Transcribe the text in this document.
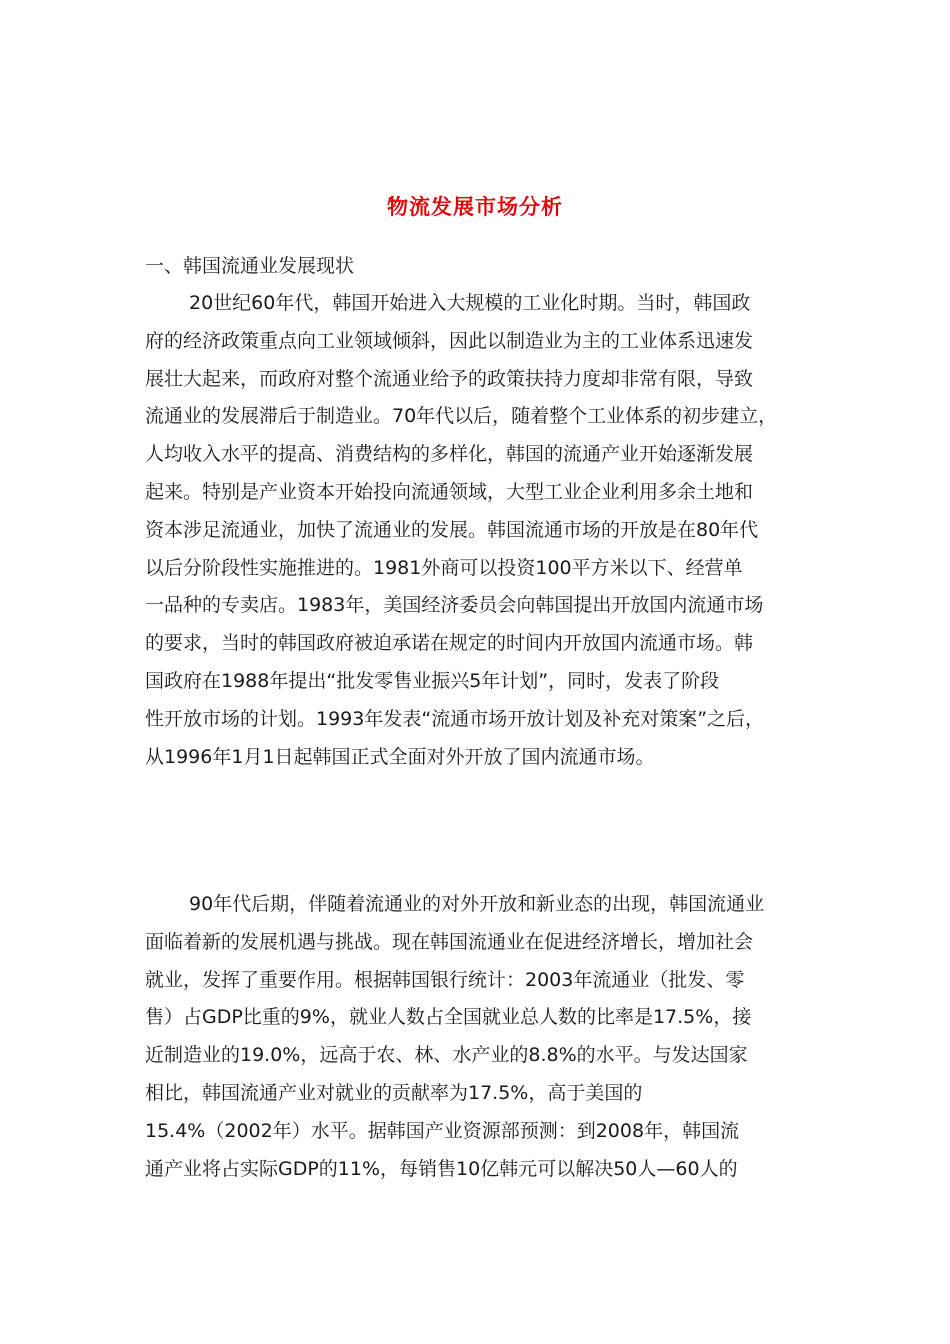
物流发展市场分析

一、韩国流通业发展现状

20世纪60年代，韩国开始进入大规模的工业化时期。当时，韩国政
府的经济政策重点向工业领域倾斜，因此以制造业为主的工业体系迅速发
展壮大起来，而政府对整个流通业给予的政策扶持力度却非常有限，导致
流通业的发展滞后于制造业。70年代以后，随着整个工业体系的初步建立，
人均收入水平的提高、消费结构的多样化，韩国的流通产业开始逐渐发展
起来。特别是产业资本开始投向流通领域，大型工业企业利用多余土地和
资本涉足流通业，加快了流通业的发展。韩国流通市场的开放是在80年代
以后分阶段性实施推进的。1981外商可以投资100平方米以下、经营单
一品种的专卖店。1983年，美国经济委员会向韩国提出开放国内流通市场
的要求，当时的韩国政府被迫承诺在规定的时间内开放国内流通市场。韩
国政府在1988年提出“批发零售业振兴5年计划”，同时，发表了阶段
性开放市场的计划。1993年发表“流通市场开放计划及补充对策案”之后，
从1996年1月1日起韩国正式全面对外开放了国内流通市场。
90年代后期，伴随着流通业的对外开放和新业态的出现，韩国流通业
面临着新的发展机遇与挑战。现在韩国流通业在促进经济增长，增加社会
就业，发挥了重要作用。根据韩国银行统计：2003年流通业（批发、零
售）占GDP比重的9%，就业人数占全国就业总人数的比率是17.5%，接
近制造业的19.0%，远高于农、林、水产业的8.8%的水平。与发达国家
相比，韩国流通产业对就业的贡献率为17.5%，高于美国的
15.4%（2002年）水平。据韩国产业资源部预测：到2008年，韩国流
通产业将占实际GDP的11%，每销售10亿韩元可以解决50人—60人的
